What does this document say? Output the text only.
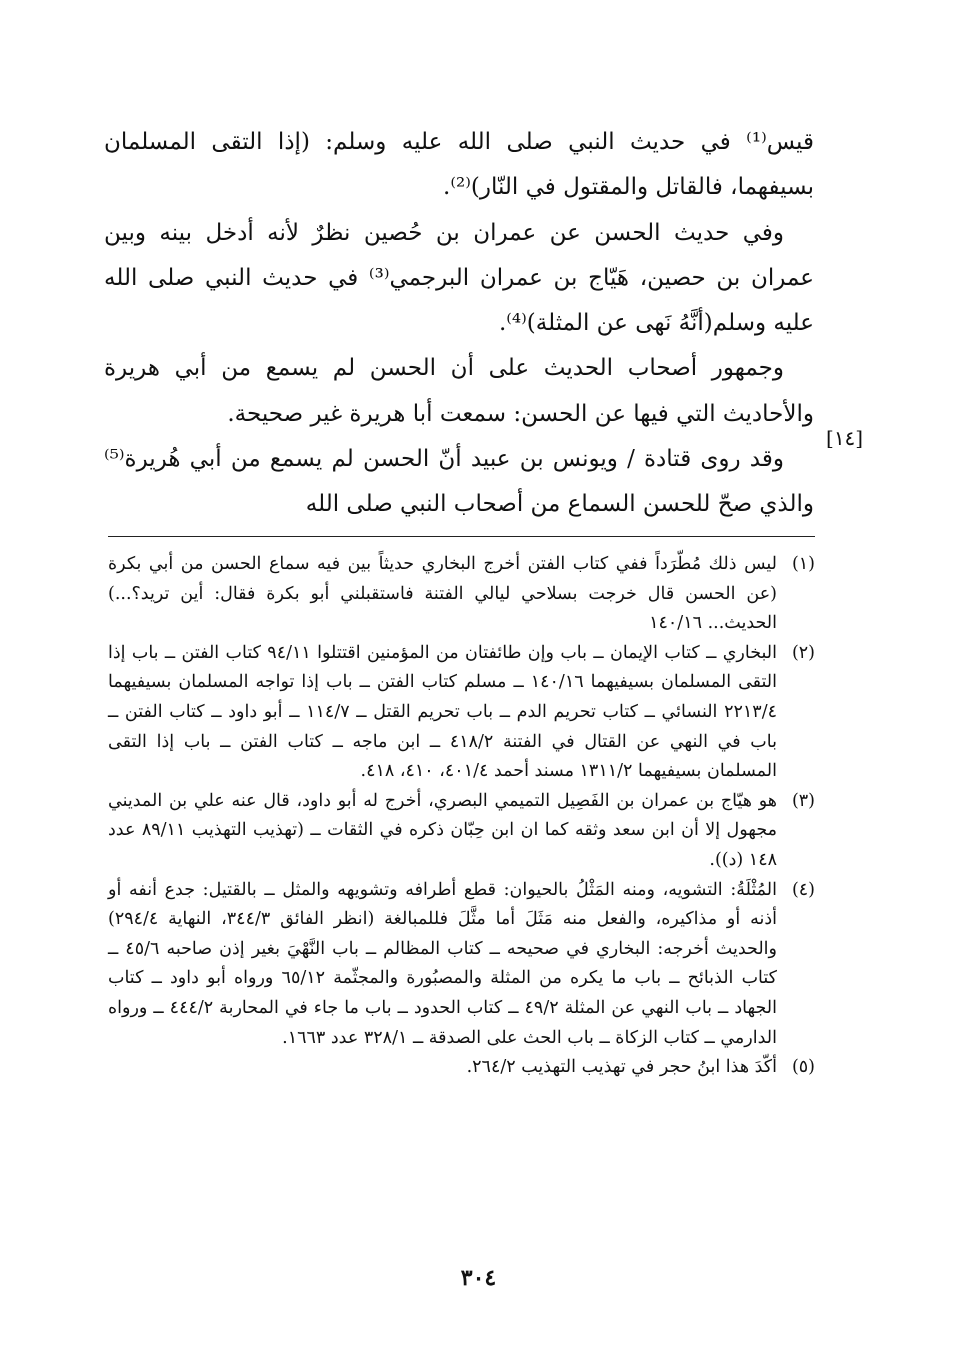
قيس⁽¹⁾ في حديث النبي صلى الله عليه وسلم: (إذا التقى المسلمان بسيفهما، فالقاتل والمقتول في النّار)⁽²⁾.

وفي حديث الحسن عن عمران بن حُصين نظرٌ لأنه أدخل بينه وبين عمران بن حصين، هَيّاج بن عمران البرجمي⁽³⁾ في حديث النبي صلى الله عليه وسلم(أنَّهُ نَهى عن المثلة)⁽⁴⁾.

وجمهور أصحاب الحديث على أن الحسن لم يسمع من أبي هريرة والأحاديث التي فيها عن الحسن: سمعت أبا هريرة غير صحيحة.

وقد روى قتادة / ويونس بن عبيد أنّ الحسن لم يسمع من أبي هُريرة⁽⁵⁾ والذي صحّ للحسن السماع من أصحاب النبي صلى الله

[١٤]
(١)
ليس ذلك مُطّرَداً ففي كتاب الفتن أخرج البخاري حديثاً بين فيه سماع الحسن من أبي بكرة (عن الحسن قال خرجت بسلاحي ليالي الفتنة فاستقبلني أبو بكرة فقال: أين تريد؟...) الحديث... ١٤٠/١٦
(٢)
البخاري ــ كتاب الإيمان ــ باب وإن طائفتان من المؤمنين اقتتلوا ٩٤/١١ كتاب الفتن ــ باب إذا التقى المسلمان بسيفيهما ١٤٠/١٦ ــ مسلم كتاب الفتن ــ باب إذا تواجه المسلمان بسيفيهما ٢٢١٣/٤ النسائي ــ كتاب تحريم الدم ــ باب تحريم القتل ــ ١١٤/٧ ــ أبو داود ــ كتاب الفتن ــ باب في النهي عن القتال في الفتنة ٤١٨/٢ ــ ابن ماجه ــ كتاب الفتن ــ باب إذا التقى المسلمان بسيفيهما ١٣١١/٢ مسند أحمد ٤٠١/٤، ٤١٠، ٤١٨.
(٣)
هو هيّاج بن عمران بن الفَصِيل التميمي البصري، أخرج له أبو داود، قال عنه علي بن المديني مجهول إلا أن ابن سعد وثقه كما ان ابن حِبّان ذكره في الثقات ــ (تهذيب التهذيب ٨٩/١١ عدد ١٤٨ (د)).
(٤)
المُثْلَةُ: التشويه، ومنه المَثْلُ بالحيوان: قطع أطرافه وتشويهه والمثل ــ بالقتيل: جدع أنفه أو أذنه أو مذاكيره، والفعل منه مَثَلَ أما مثَّلَ فللمبالغة (انظر الفائق ٣٤٤/٣، النهاية ٢٩٤/٤) والحديث أخرجه: البخاري في صحيحه ــ كتاب المظالم ــ باب النَّهْيَ بغير إذن صاحبه ٤٥/٦ ــ كتاب الذبائح ــ باب ما يكره من المثلة والمصبُورة والمجثّمة ٦٥/١٢ ورواه أبو داود ــ كتاب الجهاد ــ باب النهي عن المثلة ٤٩/٢ ــ كتاب الحدود ــ باب ما جاء في المحاربة ٤٤٤/٢ ــ ورواه الدارمي ــ كتاب الزكاة ــ باب الحث على الصدقة ــ ٣٢٨/١ عدد ١٦٦٣.
(٥)
أكّدَ هذا ابنُ حجر في تهذيب التهذيب ٢٦٤/٢.
٣٠٤
